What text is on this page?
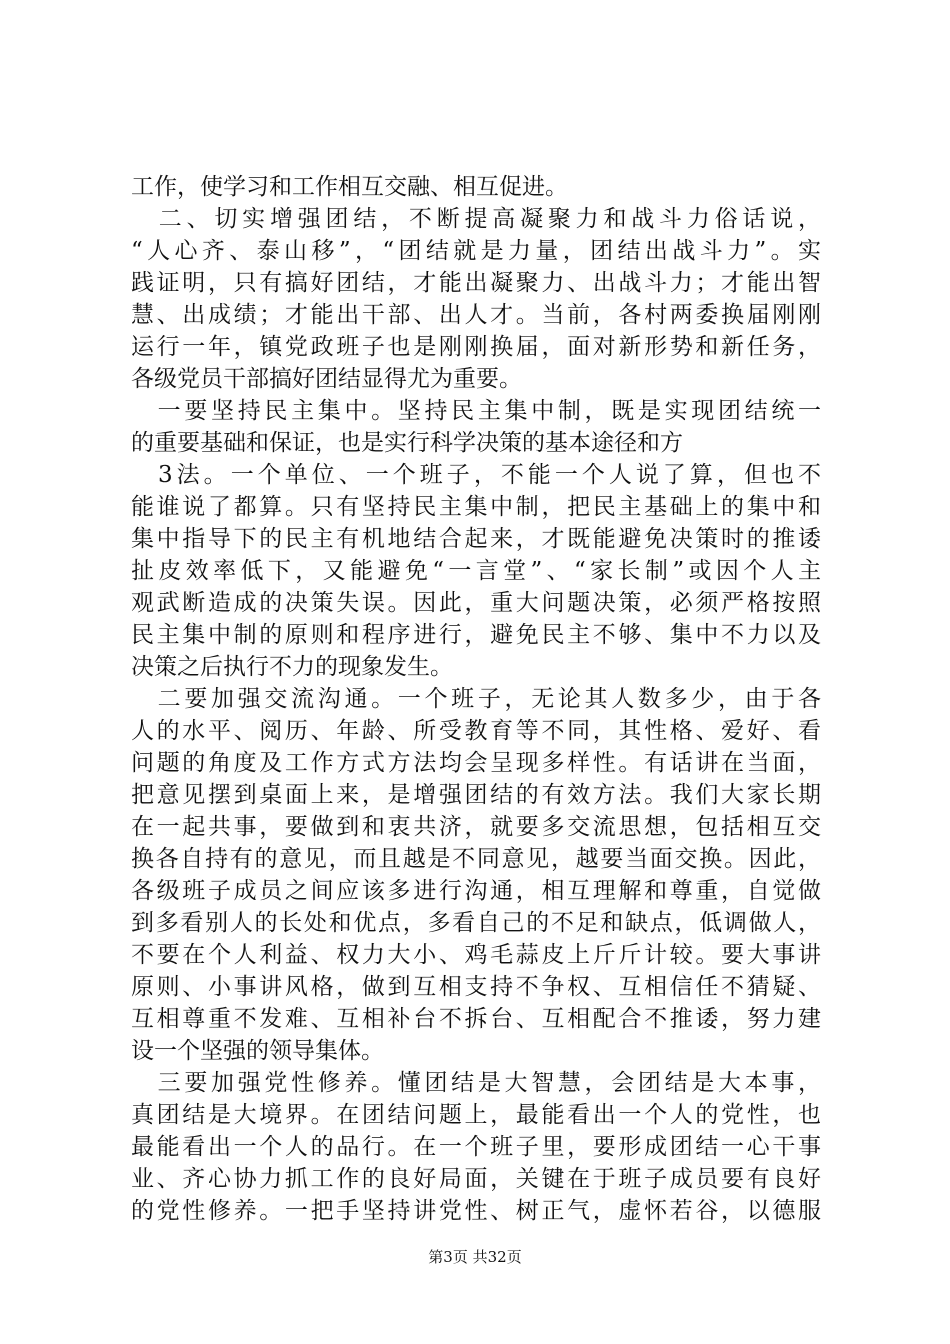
工作，使学习和工作相互交融、相互促进。
　二、切实增强团结，不断提高凝聚力和战斗力俗话说，
“人心齐、泰山移”，“团结就是力量，团结出战斗力”。实
践证明，只有搞好团结，才能出凝聚力、出战斗力；才能出智
慧、出成绩；才能出干部、出人才。当前，各村两委换届刚刚
运行一年，镇党政班子也是刚刚换届，面对新形势和新任务，
各级党员干部搞好团结显得尤为重要。
　一要坚持民主集中。坚持民主集中制，既是实现团结统一
的重要基础和保证，也是实行科学决策的基本途径和方
　3法。一个单位、一个班子，不能一个人说了算，但也不
能谁说了都算。只有坚持民主集中制，把民主基础上的集中和
集中指导下的民主有机地结合起来，才既能避免决策时的推诿
扯皮效率低下，又能避免“一言堂”、“家长制”或因个人主
观武断造成的决策失误。因此，重大问题决策，必须严格按照
民主集中制的原则和程序进行，避免民主不够、集中不力以及
决策之后执行不力的现象发生。
　二要加强交流沟通。一个班子，无论其人数多少，由于各
人的水平、阅历、年龄、所受教育等不同，其性格、爱好、看
问题的角度及工作方式方法均会呈现多样性。有话讲在当面，
把意见摆到桌面上来，是增强团结的有效方法。我们大家长期
在一起共事，要做到和衷共济，就要多交流思想，包括相互交
换各自持有的意见，而且越是不同意见，越要当面交换。因此，
各级班子成员之间应该多进行沟通，相互理解和尊重，自觉做
到多看别人的长处和优点，多看自己的不足和缺点，低调做人，
不要在个人利益、权力大小、鸡毛蒜皮上斤斤计较。要大事讲
原则、小事讲风格，做到互相支持不争权、互相信任不猜疑、
互相尊重不发难、互相补台不拆台、互相配合不推诿，努力建
设一个坚强的领导集体。
　三要加强党性修养。懂团结是大智慧，会团结是大本事，
真团结是大境界。在团结问题上，最能看出一个人的党性，也
最能看出一个人的品行。在一个班子里，要形成团结一心干事
业、齐心协力抓工作的良好局面，关键在于班子成员要有良好
的党性修养。一把手坚持讲党性、树正气，虚怀若谷，以德服
第3页 共32页
